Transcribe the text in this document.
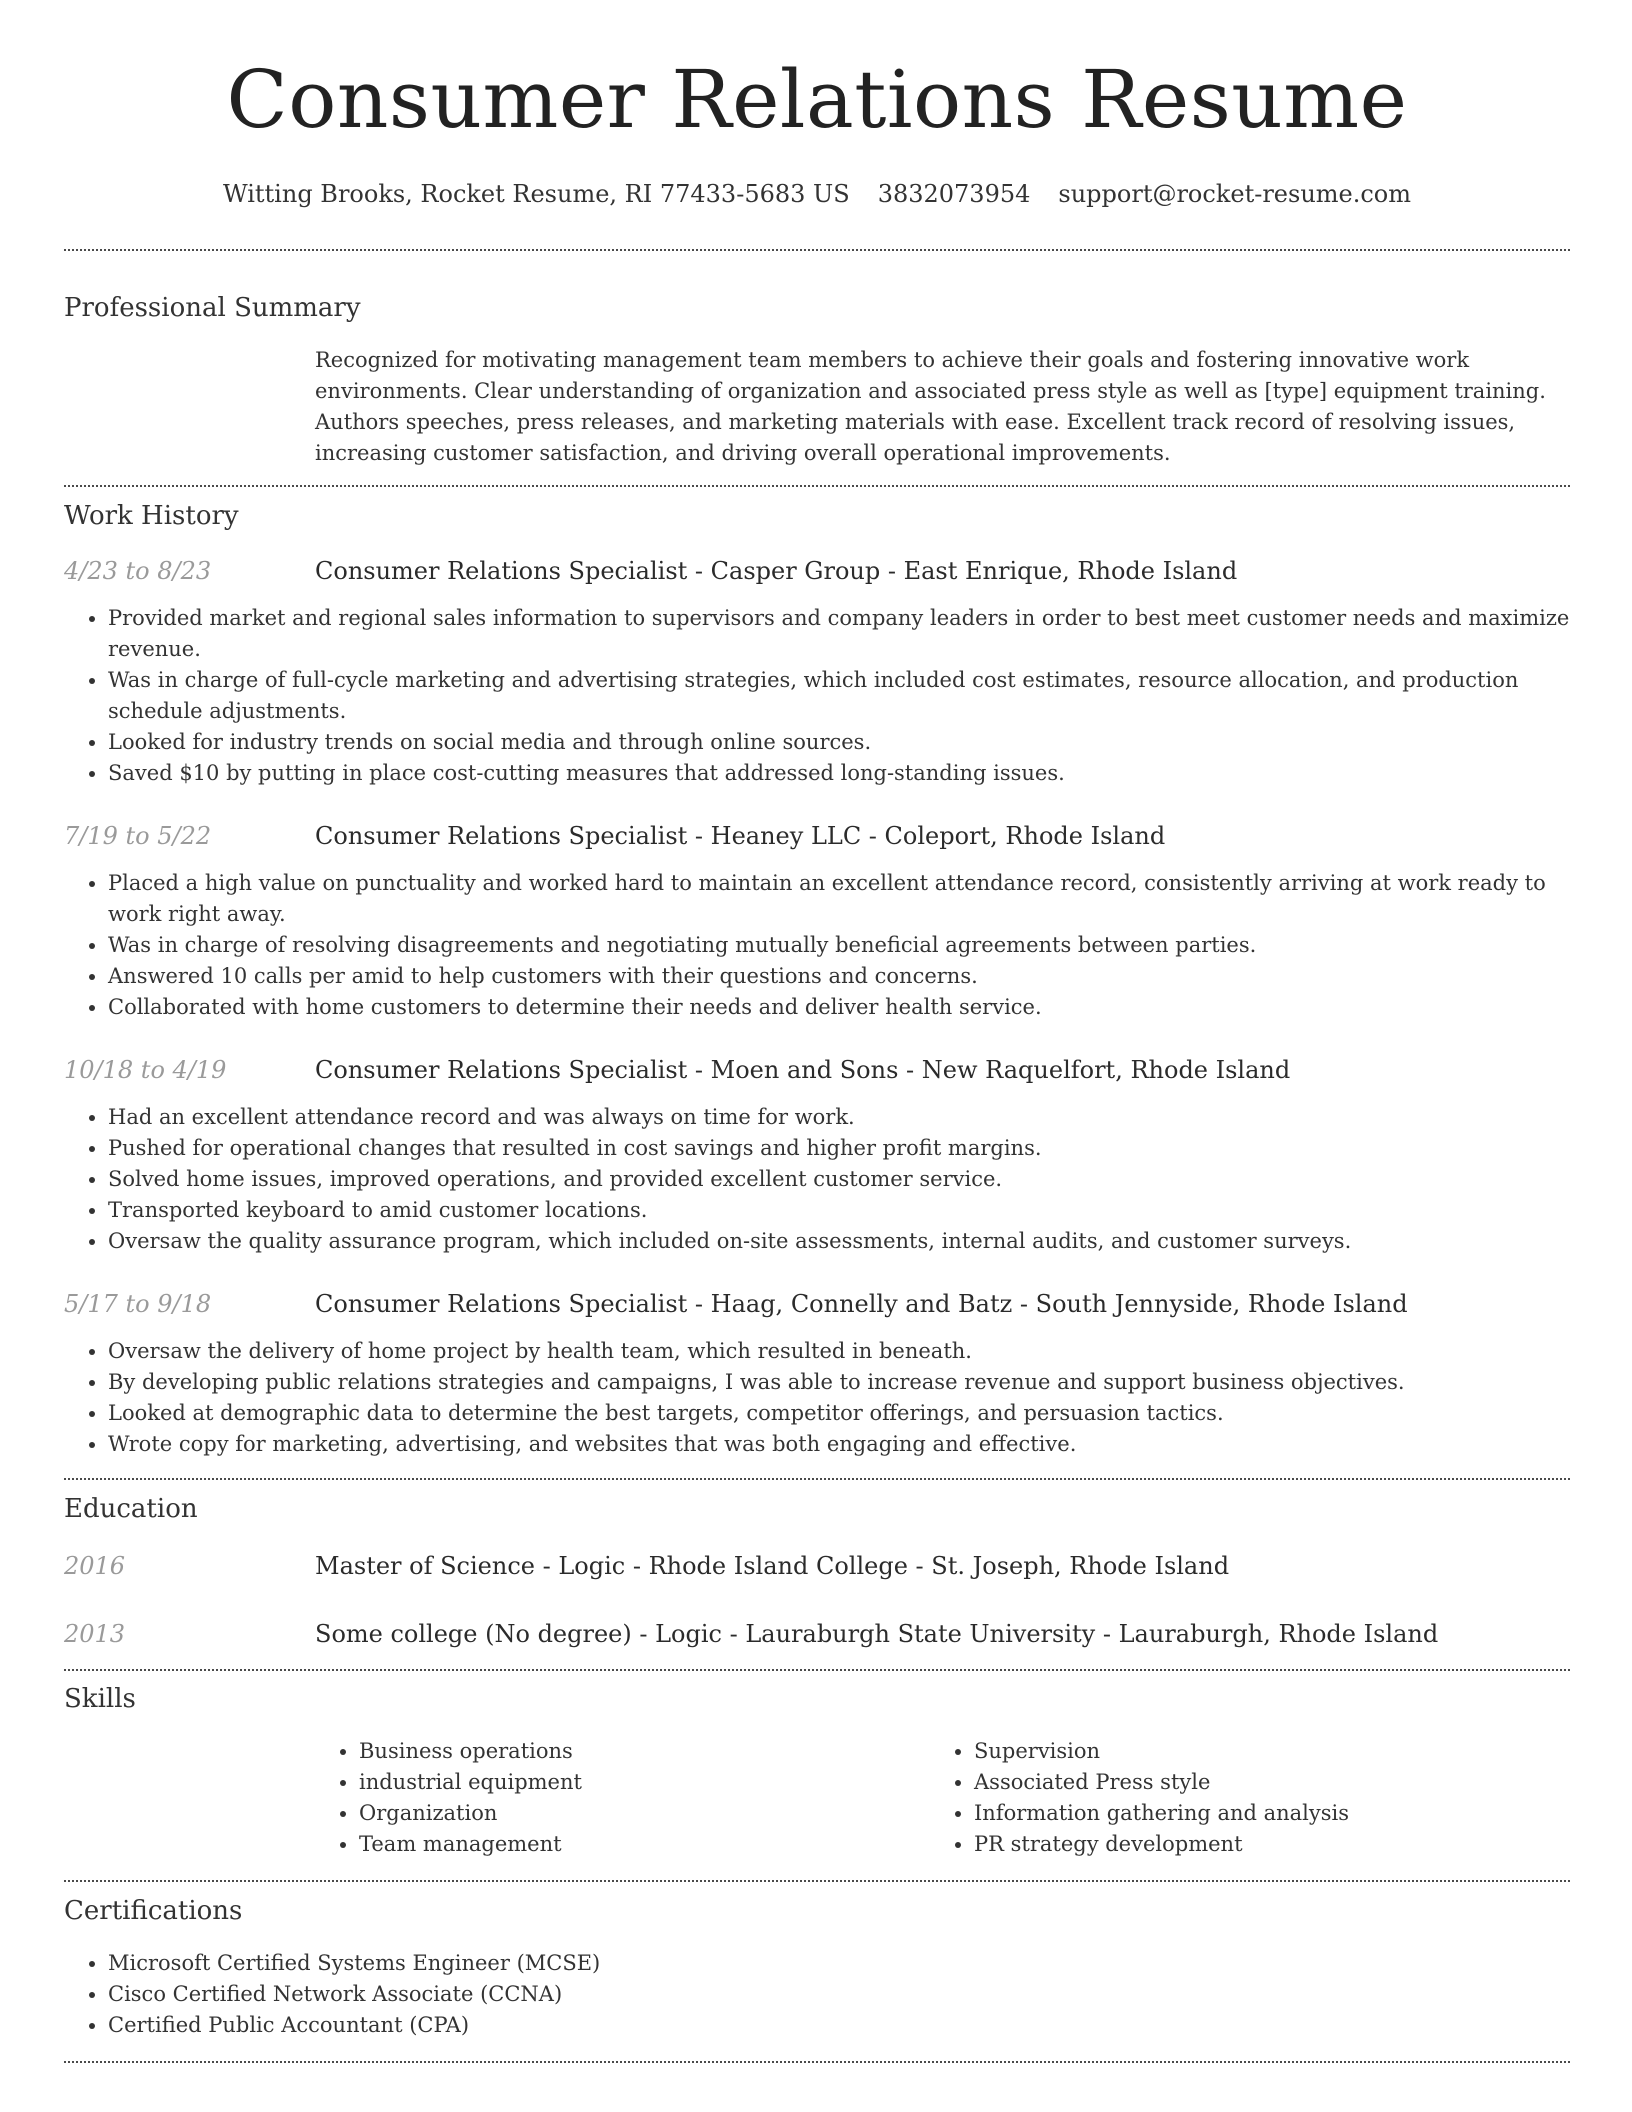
Consumer Relations Resume
Witting Brooks, Rocket Resume, RI 77433-5683 US 3832073954 support@rocket-resume.com
Professional Summary
Recognized for motivating management team members to achieve their goals and fostering innovative work environments. Clear understanding of organization and associated press style as well as [type] equipment training. Authors speeches, press releases, and marketing materials with ease. Excellent track record of resolving issues, increasing customer satisfaction, and driving overall operational improvements.
Work History
4/23 to 8/23	Consumer Relations Specialist - Casper Group - East Enrique, Rhode Island
• Provided market and regional sales information to supervisors and company leaders in order to best meet customer needs and maximize revenue.
• Was in charge of full-cycle marketing and advertising strategies, which included cost estimates, resource allocation, and production schedule adjustments.
• Looked for industry trends on social media and through online sources.
• Saved $10 by putting in place cost-cutting measures that addressed long-standing issues.
7/19 to 5/22	Consumer Relations Specialist - Heaney LLC - Coleport, Rhode Island
• Placed a high value on punctuality and worked hard to maintain an excellent attendance record, consistently arriving at work ready to work right away.
• Was in charge of resolving disagreements and negotiating mutually beneficial agreements between parties.
• Answered 10 calls per amid to help customers with their questions and concerns.
• Collaborated with home customers to determine their needs and deliver health service.
10/18 to 4/19	Consumer Relations Specialist - Moen and Sons - New Raquelfort, Rhode Island
• Had an excellent attendance record and was always on time for work.
• Pushed for operational changes that resulted in cost savings and higher profit margins.
• Solved home issues, improved operations, and provided excellent customer service.
• Transported keyboard to amid customer locations.
• Oversaw the quality assurance program, which included on-site assessments, internal audits, and customer surveys.
5/17 to 9/18	Consumer Relations Specialist - Haag, Connelly and Batz - South Jennyside, Rhode Island
• Oversaw the delivery of home project by health team, which resulted in beneath.
• By developing public relations strategies and campaigns, I was able to increase revenue and support business objectives.
• Looked at demographic data to determine the best targets, competitor offerings, and persuasion tactics.
• Wrote copy for marketing, advertising, and websites that was both engaging and effective.
Education
2016	Master of Science - Logic - Rhode Island College - St. Joseph, Rhode Island
2013	Some college (No degree) - Logic - Lauraburgh State University - Lauraburgh, Rhode Island
Skills
• Business operations
• industrial equipment
• Organization
• Team management
• Supervision
• Associated Press style
• Information gathering and analysis
• PR strategy development
Certifications
• Microsoft Certified Systems Engineer (MCSE)
• Cisco Certified Network Associate (CCNA)
• Certified Public Accountant (CPA)
